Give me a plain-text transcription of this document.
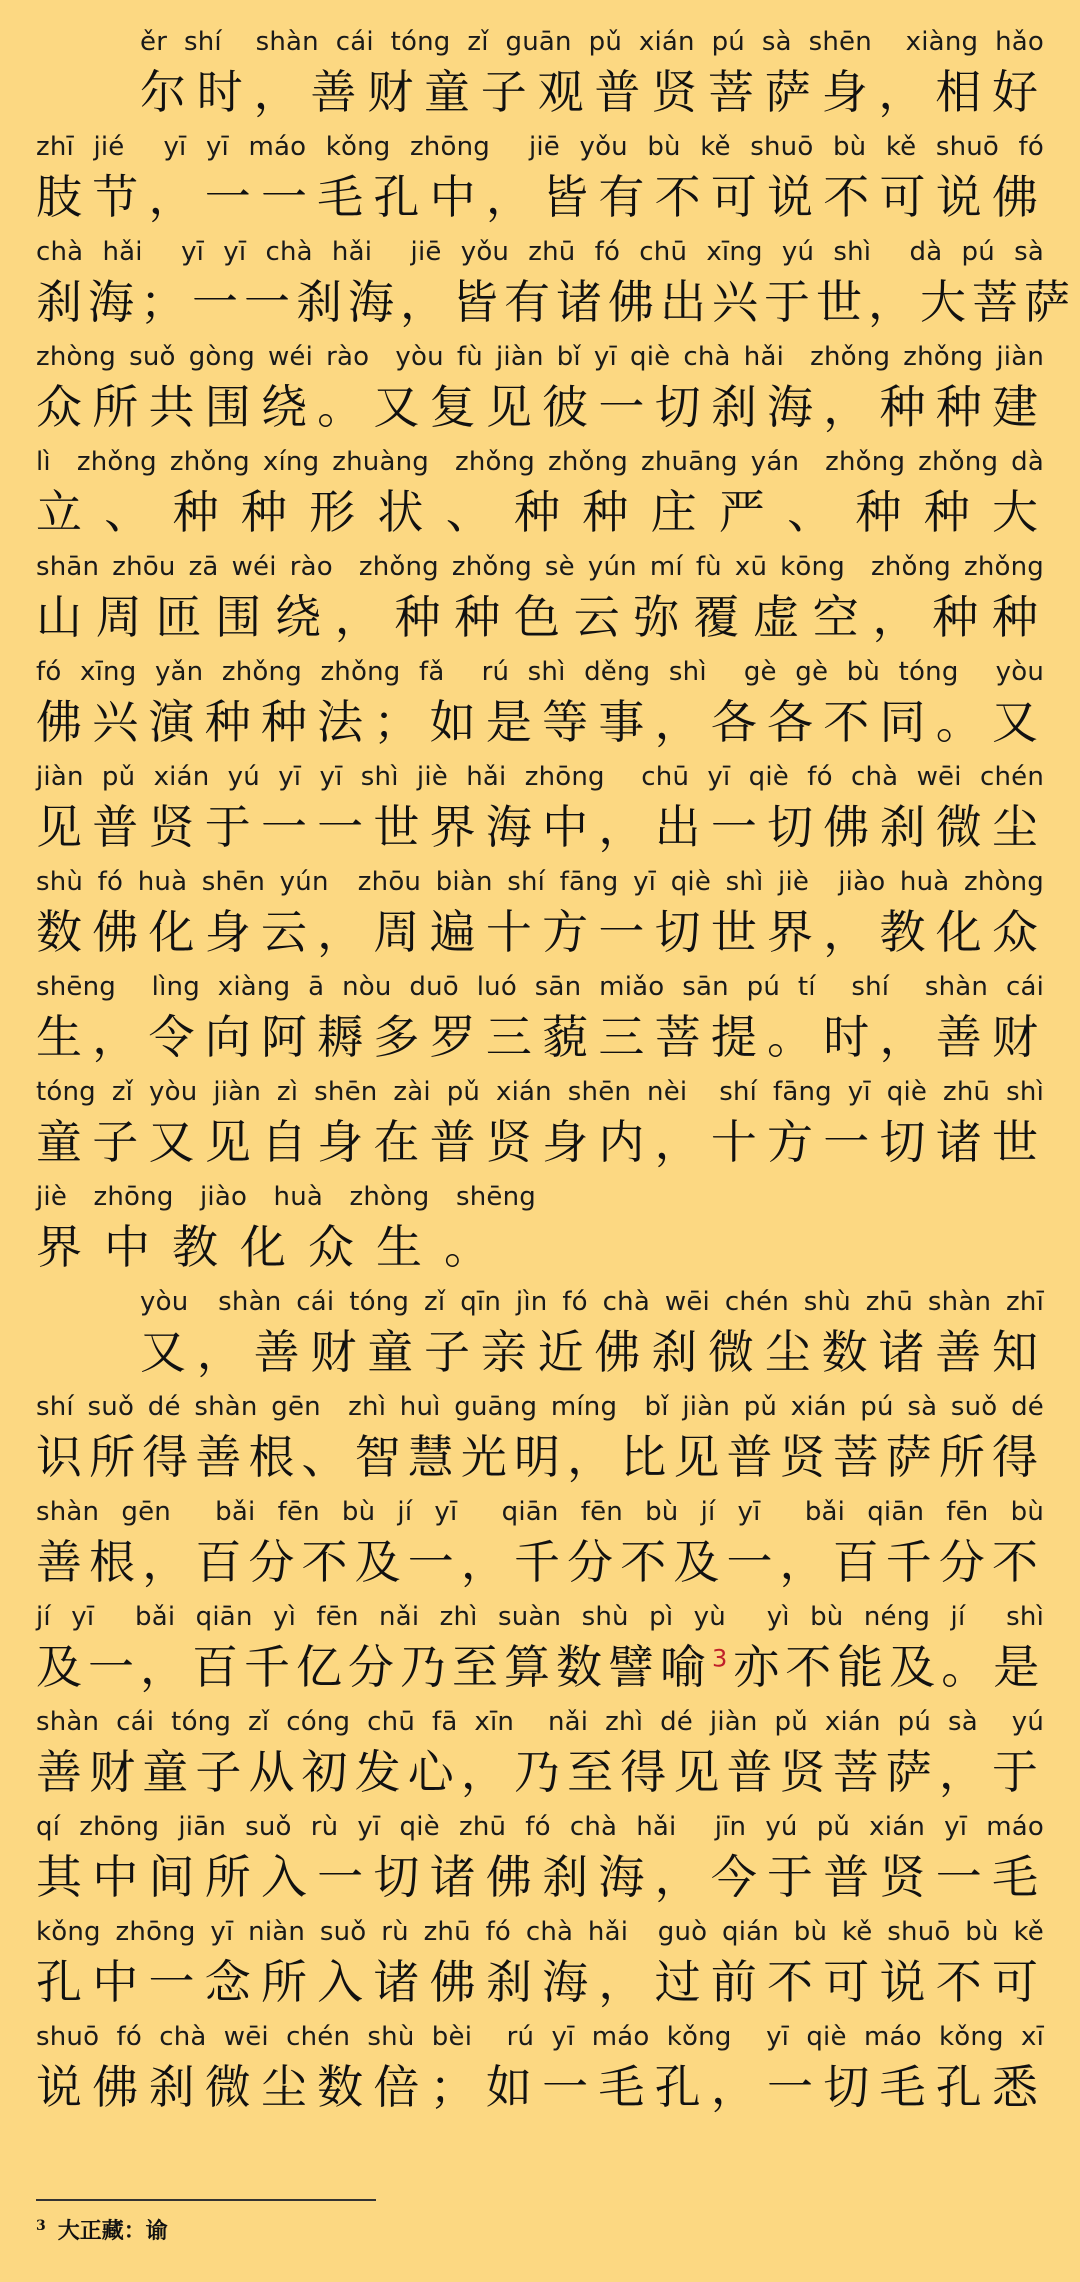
ěr shí  shàn cái tóng zǐ guān pǔ xián pú sà shēn  xiàng hǎo
尔时，善财童子观普贤菩萨身，相好
zhī jié  yī yī máo kǒng zhōng  jiē yǒu bù kě shuō bù kě shuō fó
肢节，一一毛孔中，皆有不可说不可说佛
chà hǎi  yī yī chà hǎi  jiē yǒu zhū fó chū xīng yú shì  dà pú sà
刹海；一一刹海，皆有诸佛出兴于世，大菩萨
zhòng suǒ gòng wéi rào  yòu fù jiàn bǐ yī qiè chà hǎi  zhǒng zhǒng jiàn
众所共围绕。又复见彼一切刹海，种种建
lì  zhǒng zhǒng xíng zhuàng  zhǒng zhǒng zhuāng yán  zhǒng zhǒng dà
立、种种形状、种种庄严、种种大
shān zhōu zā wéi rào  zhǒng zhǒng sè yún mí fù xū kōng  zhǒng zhǒng
山周匝围绕，种种色云弥覆虚空，种种
fó xīng yǎn zhǒng zhǒng fǎ  rú shì děng shì  gè gè bù tóng  yòu
佛兴演种种法；如是等事，各各不同。又
jiàn pǔ xián yú yī yī shì jiè hǎi zhōng  chū yī qiè fó chà wēi chén
见普贤于一一世界海中，出一切佛刹微尘
shù fó huà shēn yún  zhōu biàn shí fāng yī qiè shì jiè  jiào huà zhòng
数佛化身云，周遍十方一切世界，教化众
shēng  lìng xiàng ā nòu duō luó sān miǎo sān pú tí  shí  shàn cái
生，令向阿耨多罗三藐三菩提。时，善财
tóng zǐ yòu jiàn zì shēn zài pǔ xián shēn nèi  shí fāng yī qiè zhū shì
童子又见自身在普贤身内，十方一切诸世
jiè zhōng jiào huà zhòng shēng
界中教化众生。
yòu  shàn cái tóng zǐ qīn jìn fó chà wēi chén shù zhū shàn zhī
又，善财童子亲近佛刹微尘数诸善知
shí suǒ dé shàn gēn  zhì huì guāng míng  bǐ jiàn pǔ xián pú sà suǒ dé
识所得善根、智慧光明，比见普贤菩萨所得
shàn gēn  bǎi fēn bù jí yī  qiān fēn bù jí yī  bǎi qiān fēn bù
善根，百分不及一，千分不及一，百千分不
jí yī  bǎi qiān yì fēn nǎi zhì suàn shù pì yù  yì bù néng jí  shì
及一，百千亿分乃至算数譬喻$^3$亦不能及。是
shàn cái tóng zǐ cóng chū fā xīn  nǎi zhì dé jiàn pǔ xián pú sà  yú
善财童子从初发心，乃至得见普贤菩萨，于
qí zhōng jiān suǒ rù yī qiè zhū fó chà hǎi  jīn yú pǔ xián yī máo
其中间所入一切诸佛刹海，今于普贤一毛
kǒng zhōng yī niàn suǒ rù zhū fó chà hǎi  guò qián bù kě shuō bù kě
孔中一念所入诸佛刹海，过前不可说不可
shuō fó chà wēi chén shù bèi  rú yī máo kǒng  yī qiè máo kǒng xī
说佛刹微尘数倍；如一毛孔，一切毛孔悉
$^3$ 大正藏：谕
